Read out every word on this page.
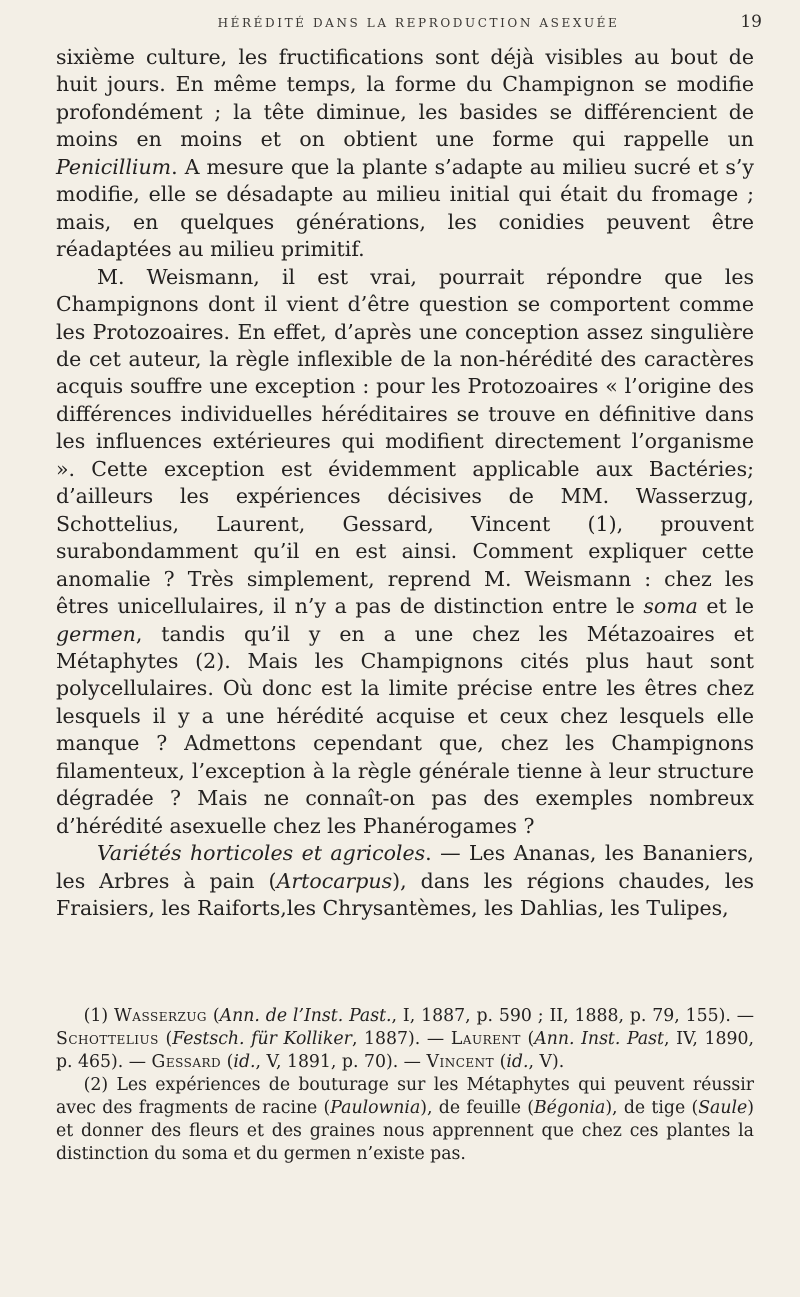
HÉRÉDITÉ DANS LA REPRODUCTION ASEXUÉE	19

sixième culture, les fructifications sont déjà visibles au bout de huit jours. En même temps, la forme du Champignon se modifie profondément ; la tête diminue, les basides se différencient de moins en moins et on obtient une forme qui rappelle un Penicillium. A mesure que la plante s’adapte au milieu sucré et s’y modifie, elle se désadapte au milieu initial qui était du fromage ; mais, en quelques générations, les conidies peuvent être réadaptées au milieu primitif.

M. Weismann, il est vrai, pourrait répondre que les Champignons dont il vient d’être question se comportent comme les Protozoaires. En effet, d’après une conception assez singulière de cet auteur, la règle inflexible de la non-hérédité des caractères acquis souffre une exception : pour les Protozoaires « l’origine des différences individuelles héréditaires se trouve en définitive dans les influences extérieures qui modifient directement l’organisme ». Cette exception est évidemment applicable aux Bactéries; d’ailleurs les expériences décisives de MM. Wasserzug, Schottelius, Laurent, Gessard, Vincent (1), prouvent surabondamment qu’il en est ainsi. Comment expliquer cette anomalie ? Très simplement, reprend M. Weismann : chez les êtres unicellulaires, il n’y a pas de distinction entre le soma et le germen, tandis qu’il y en a une chez les Métazoaires et Métaphytes (2). Mais les Champignons cités plus haut sont polycellulaires. Où donc est la limite précise entre les êtres chez lesquels il y a une hérédité acquise et ceux chez lesquels elle manque ? Admettons cependant que, chez les Champignons filamenteux, l’exception à la règle générale tienne à leur structure dégradée ? Mais ne connaît-on pas des exemples nombreux d’hérédité asexuelle chez les Phanérogames ?

Variétés horticoles et agricoles. — Les Ananas, les Bananiers, les Arbres à pain (Artocarpus), dans les régions chaudes, les Fraisiers, les Raiforts,les Chrysantèmes, les Dahlias, les Tulipes,

(1) Wasserzug (Ann. de l’Inst. Past., I, 1887, p. 590 ; II, 1888, p. 79, 155). — Schottelius (Festsch. für Kolliker, 1887). — Laurent (Ann. Inst. Past, IV, 1890, p. 465). — Gessard (id., V, 1891, p. 70). — Vincent (id., V).

(2) Les expériences de bouturage sur les Métaphytes qui peuvent réussir avec des fragments de racine (Paulownia), de feuille (Bégonia), de tige (Saule) et donner des fleurs et des graines nous apprennent que chez ces plantes la distinction du soma et du germen n’existe pas.
